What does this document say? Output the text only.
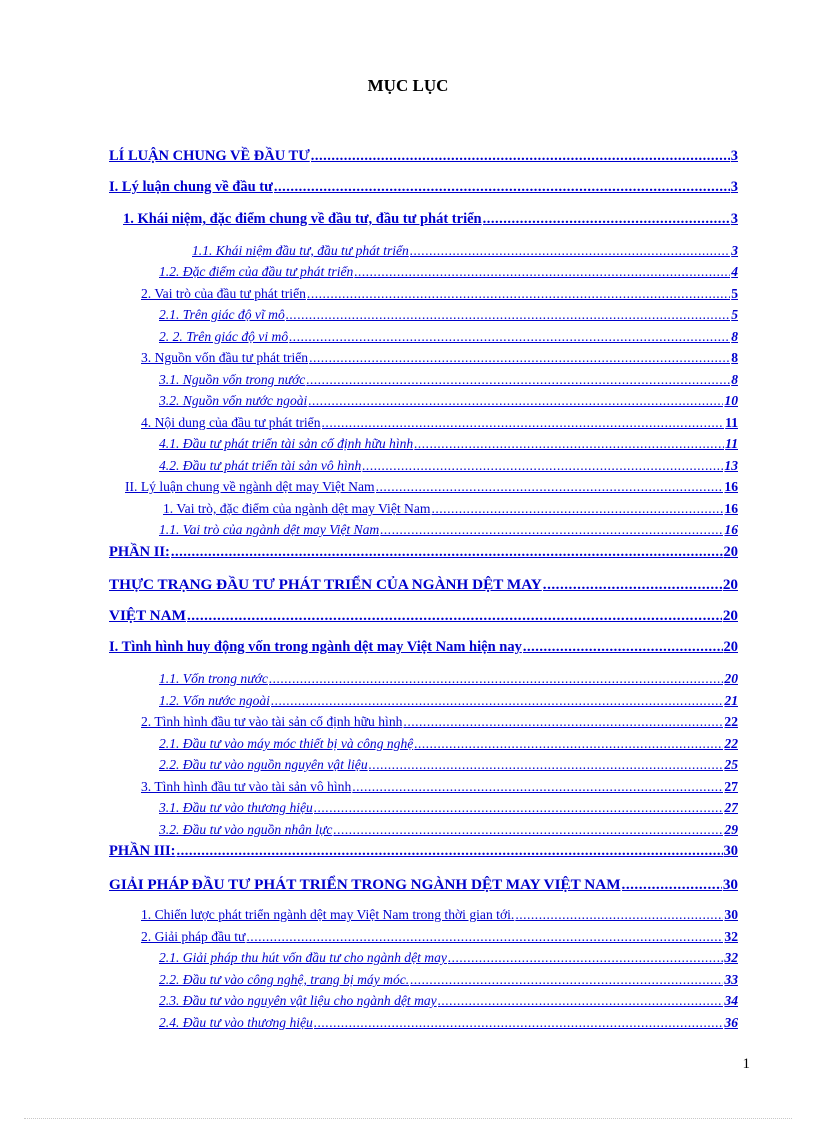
MỤC LỤC
LÍ LUẬN CHUNG VỀ ĐẦU TƯ .....	3
I. Lý luận chung về đầu tư .....	3
1. Khái niệm, đặc điểm chung về đầu tư, đầu tư phát triển .....	3
1.1. Khái niệm đầu tư, đầu tư phát triển .....	3
1.2. Đặc điểm của đầu tư phát triển .....	4
2. Vai trò của đầu tư phát triển .....	5
2.1. Trên giác độ vĩ mô .....	5
2. 2. Trên giác độ vi mô .....	8
3. Nguồn vốn đầu tư phát triển .....	8
3.1. Nguồn vốn trong nước .....	8
3.2. Nguồn vốn nước ngoài .....	10
4. Nội dung của đầu tư phát triển .....	11
4.1. Đầu tư phát triển tài sản cố định hữu hình .....	11
4.2. Đầu tư phát triển tài sản vô hình .....	13
II. Lý luận chung về ngành dệt may Việt Nam .....	16
1. Vai trò, đặc điểm của ngành dệt may Việt Nam .....	16
1.1. Vai trò của ngành dệt may Việt Nam .....	16
PHẦN II: .....	20
THỰC TRẠNG ĐẦU TƯ PHÁT TRIỂN CỦA NGÀNH DỆT MAY .....	20
VIỆT NAM .....	20
I. Tình hình huy động vốn trong ngành dệt may Việt Nam hiện nay .....	20
1.1. Vốn trong nước .....	20
1.2. Vốn nước ngoài .....	21
2. Tình hình đầu tư vào tài sản cố định hữu hình .....	22
2.1. Đầu tư vào máy móc thiết bị và công nghệ .....	22
2.2. Đầu tư vào nguồn nguyên vật liệu .....	25
3. Tình hình đầu tư vào tài sản vô hình .....	27
3.1. Đầu tư vào thương hiệu .....	27
3.2. Đầu tư vào nguồn nhân lực .....	29
PHẦN III: .....	30
GIẢI PHÁP ĐẦU TƯ PHÁT TRIỂN TRONG NGÀNH DỆT MAY VIỆT NAM .....	30
1. Chiến lược phát triển ngành dệt may Việt Nam trong thời gian tới. .....	30
2. Giải pháp đầu tư .....	32
2.1. Giải pháp thu hút vốn đầu tư cho ngành dệt may .....	32
2.2. Đầu tư vào công nghệ, trang bị máy móc. .....	33
2.3. Đầu tư vào nguyên vật liệu cho ngành dệt may .....	34
2.4. Đầu tư vào thương hiệu .....	36
1
